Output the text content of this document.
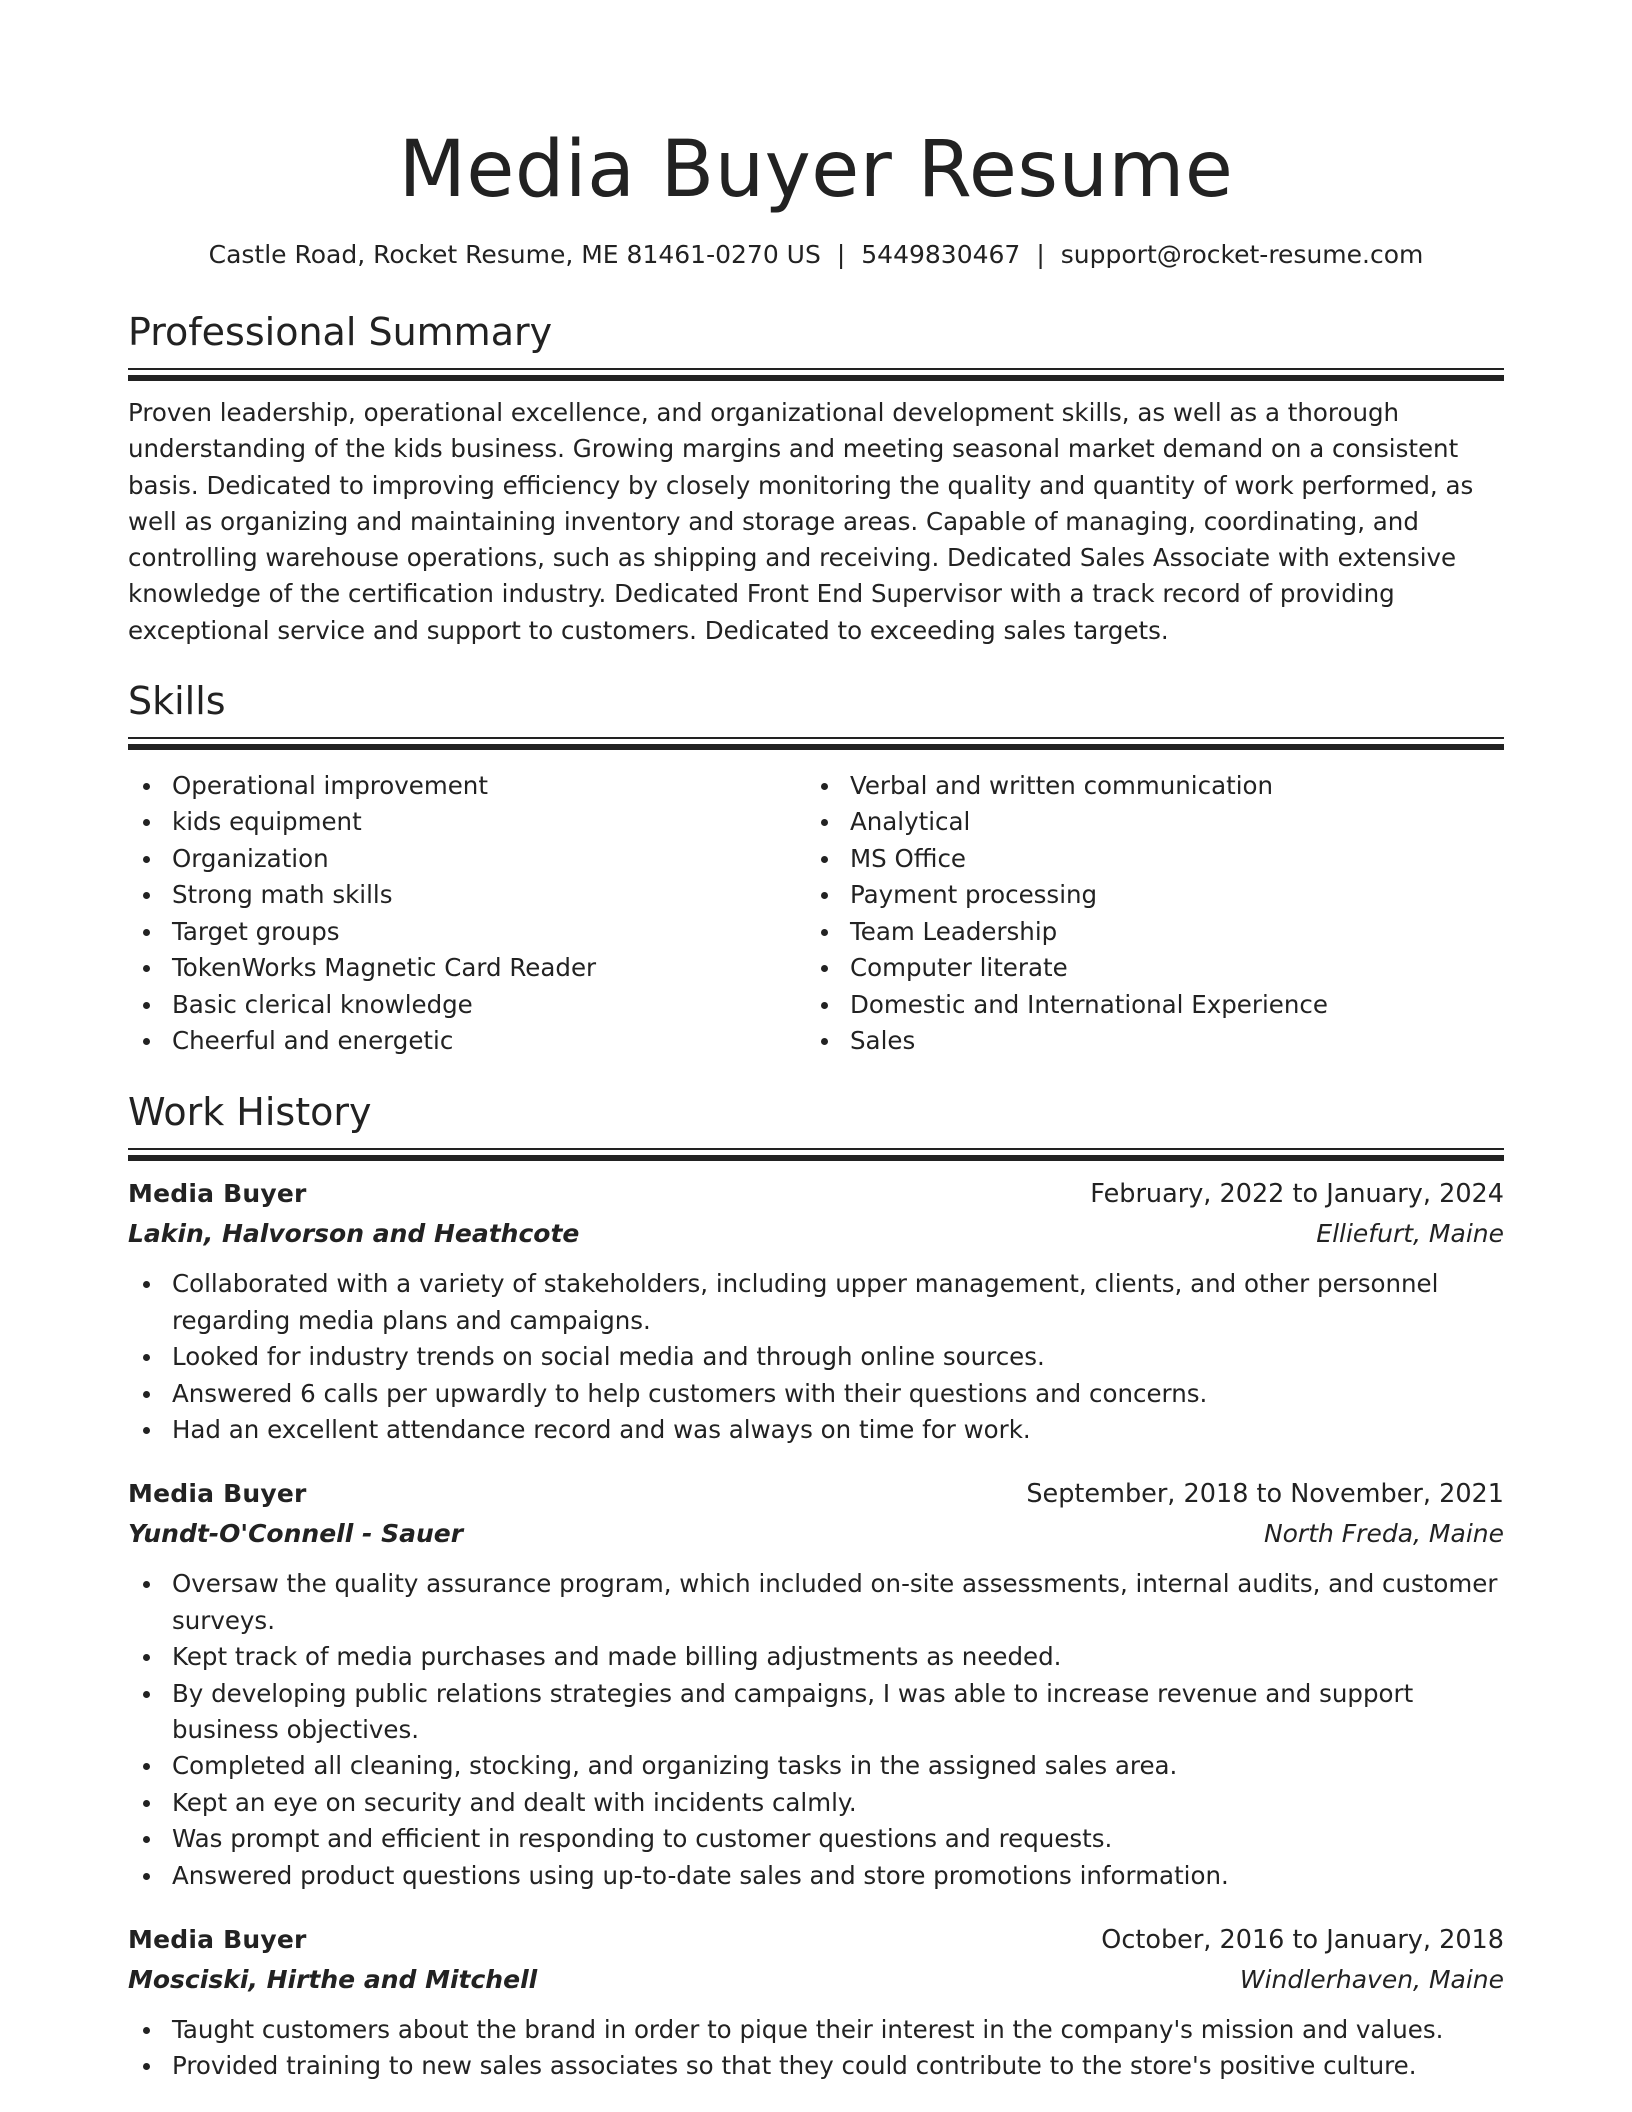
Media Buyer Resume
Castle Road, Rocket Resume, ME 81461-0270 US | 5449830467 | support@rocket-resume.com
Professional Summary

Proven leadership, operational excellence, and organizational development skills, as well as a thorough understanding of the kids business. Growing margins and meeting seasonal market demand on a consistent basis. Dedicated to improving efficiency by closely monitoring the quality and quantity of work performed, as well as organizing and maintaining inventory and storage areas. Capable of managing, coordinating, and controlling warehouse operations, such as shipping and receiving. Dedicated Sales Associate with extensive knowledge of the certification industry. Dedicated Front End Supervisor with a track record of providing exceptional service and support to customers. Dedicated to exceeding sales targets.

Skills
Operational improvement
kids equipment
Organization
Strong math skills
Target groups
TokenWorks Magnetic Card Reader
Basic clerical knowledge
Cheerful and energetic
Verbal and written communication
Analytical
MS Office
Payment processing
Team Leadership
Computer literate
Domestic and International Experience
Sales
Work History
Media Buyer	February, 2022 to January, 2024
Lakin, Halvorson and Heathcote	Elliefurt, Maine
Collaborated with a variety of stakeholders, including upper management, clients, and other personnel regarding media plans and campaigns.
Looked for industry trends on social media and through online sources.
Answered 6 calls per upwardly to help customers with their questions and concerns.
Had an excellent attendance record and was always on time for work.
Media Buyer	September, 2018 to November, 2021
Yundt-O'Connell - Sauer	North Freda, Maine
Oversaw the quality assurance program, which included on-site assessments, internal audits, and customer surveys.
Kept track of media purchases and made billing adjustments as needed.
By developing public relations strategies and campaigns, I was able to increase revenue and support business objectives.
Completed all cleaning, stocking, and organizing tasks in the assigned sales area.
Kept an eye on security and dealt with incidents calmly.
Was prompt and efficient in responding to customer questions and requests.
Answered product questions using up-to-date sales and store promotions information.
Media Buyer	October, 2016 to January, 2018
Mosciski, Hirthe and Mitchell	Windlerhaven, Maine
Taught customers about the brand in order to pique their interest in the company's mission and values.
Provided training to new sales associates so that they could contribute to the store's positive culture.
